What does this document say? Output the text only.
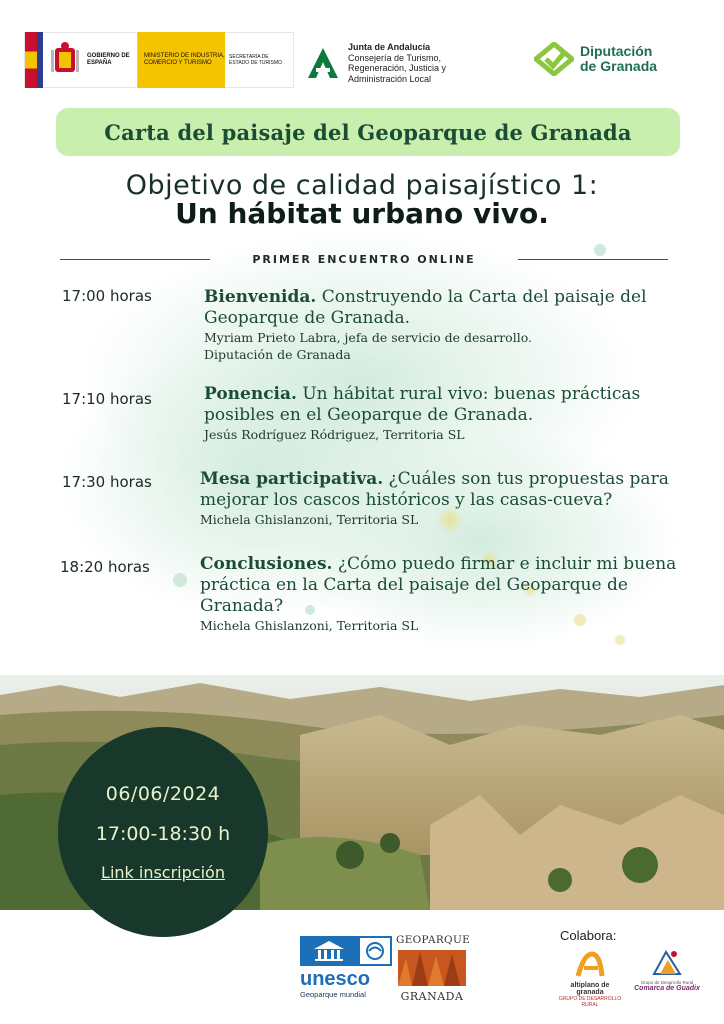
GOBIERNO DE ESPAÑA
MINISTERIO DE INDUSTRIA, COMERCIO Y TURISMO
SECRETARÍA DE ESTADO DE TURISMO
Junta de Andalucía
Consejería de Turismo, Regeneración, Justicia y Administración Local
Diputación
de Granada
Carta del paisaje del Geoparque de Granada
Objetivo de calidad paisajístico 1:
Un hábitat urbano vivo.
PRIMER ENCUENTRO ONLINE
17:00 horas	Bienvenida. Construyendo la Carta del paisaje del Geoparque de Granada.
Myriam Prieto Labra, jefa de servicio de desarrollo.
Diputación de Granada
17:10 horas	Ponencia. Un hábitat rural vivo: buenas prácticas posibles en el Geoparque de Granada.
Jesús Rodríguez Ródriguez, Territoria SL
17:30 horas	Mesa participativa. ¿Cuáles son tus propuestas para mejorar los cascos históricos y las casas-cueva?
Michela Ghislanzoni, Territoria SL
18:20 horas	Conclusiones. ¿Cómo puedo firmar e incluir mi buena práctica en la Carta del paisaje del Geoparque de Granada?
Michela Ghislanzoni, Territoria SL
06/06/2024
17:00-18:30 h
Link inscripción
unesco
Geoparque mundial
GEOPARQUE
GRANADA
Colabora:
altiplano de granada
GRUPO DE DESARROLLO RURAL
Grupo de Desarrollo Rural
Comarca de Guadix
